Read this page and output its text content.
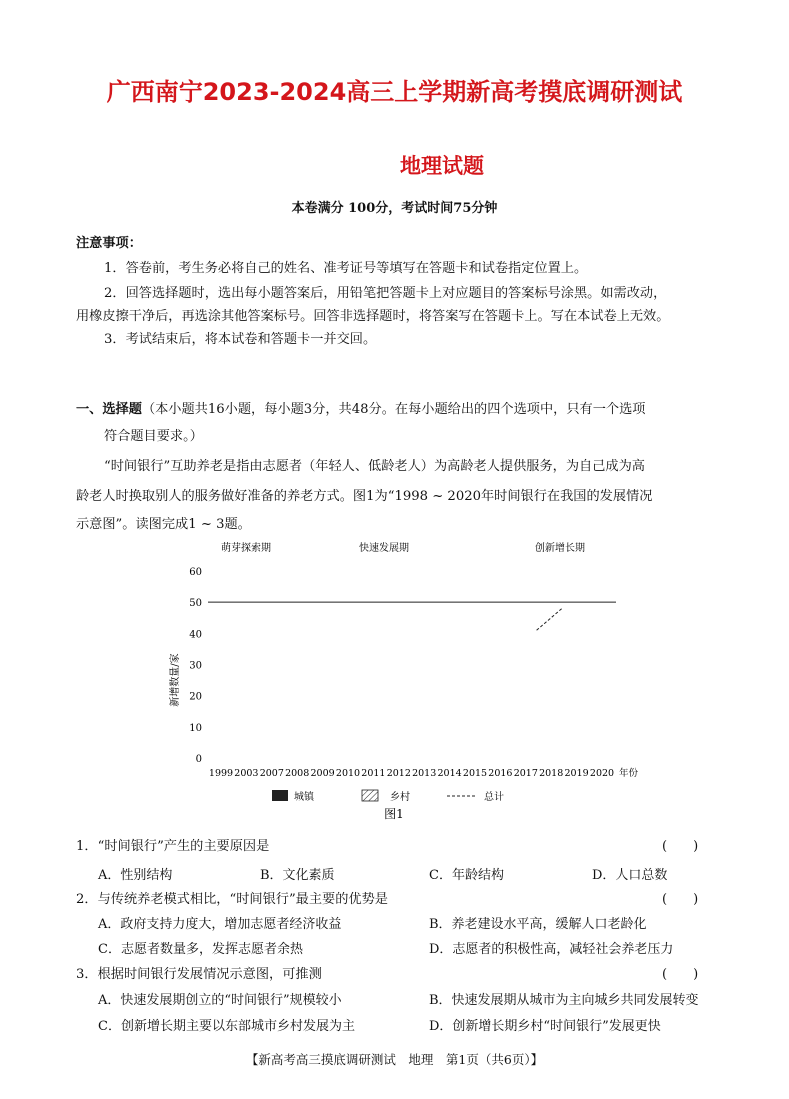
广西南宁2023-2024高三上学期新高考摸底调研测试
地理试题
本卷满分 100分，考试时间75分钟
注意事项：
1．答卷前，考生务必将自己的姓名、准考证号等填写在答题卡和试卷指定位置上。
2．回答选择题时，选出每小题答案后，用铅笔把答题卡上对应题目的答案标号涂黑。如需改动，
用橡皮擦干净后，再选涂其他答案标号。回答非选择题时，将答案写在答题卡上。写在本试卷上无效。
3．考试结束后，将本试卷和答题卡一并交回。
一、选择题（本小题共16小题，每小题3分，共48分。在每小题给出的四个选项中，只有一个选项
符合题目要求。）
“时间银行”互助养老是指由志愿者（年轻人、低龄老人）为高龄老人提供服务，为自己成为高
龄老人时换取别人的服务做好准备的养老方式。图1为“1998 ~ 2020年时间银行在我国的发展情况
示意图”。读图完成1 ~ 3题。
萌芽探索期	快速发展期	创新增长期
0
10
20
30
40
50
60
新增数量/家
1999 2003 2007 2008 2009 2010 2011 2012 2013 2014 2015 2016 2017 2018 2019 2020 年份
城镇	乡村	总计
图1
1．“时间银行”产生的主要原因是	(　　)
A．性别结构	B．文化素质	C．年龄结构	D．人口总数
2．与传统养老模式相比，“时间银行”最主要的优势是	(　　)
A．政府支持力度大，增加志愿者经济收益	B．养老建设水平高，缓解人口老龄化
C．志愿者数量多，发挥志愿者余热	D．志愿者的积极性高，减轻社会养老压力
3．根据时间银行发展情况示意图，可推测	(　　)
A．快速发展期创立的“时间银行”规模较小	B．快速发展期从城市为主向城乡共同发展转变
C．创新增长期主要以东部城市乡村发展为主	D．创新增长期乡村“时间银行”发展更快
【新高考高三摸底调研测试　地理　第1页（共6页）】
